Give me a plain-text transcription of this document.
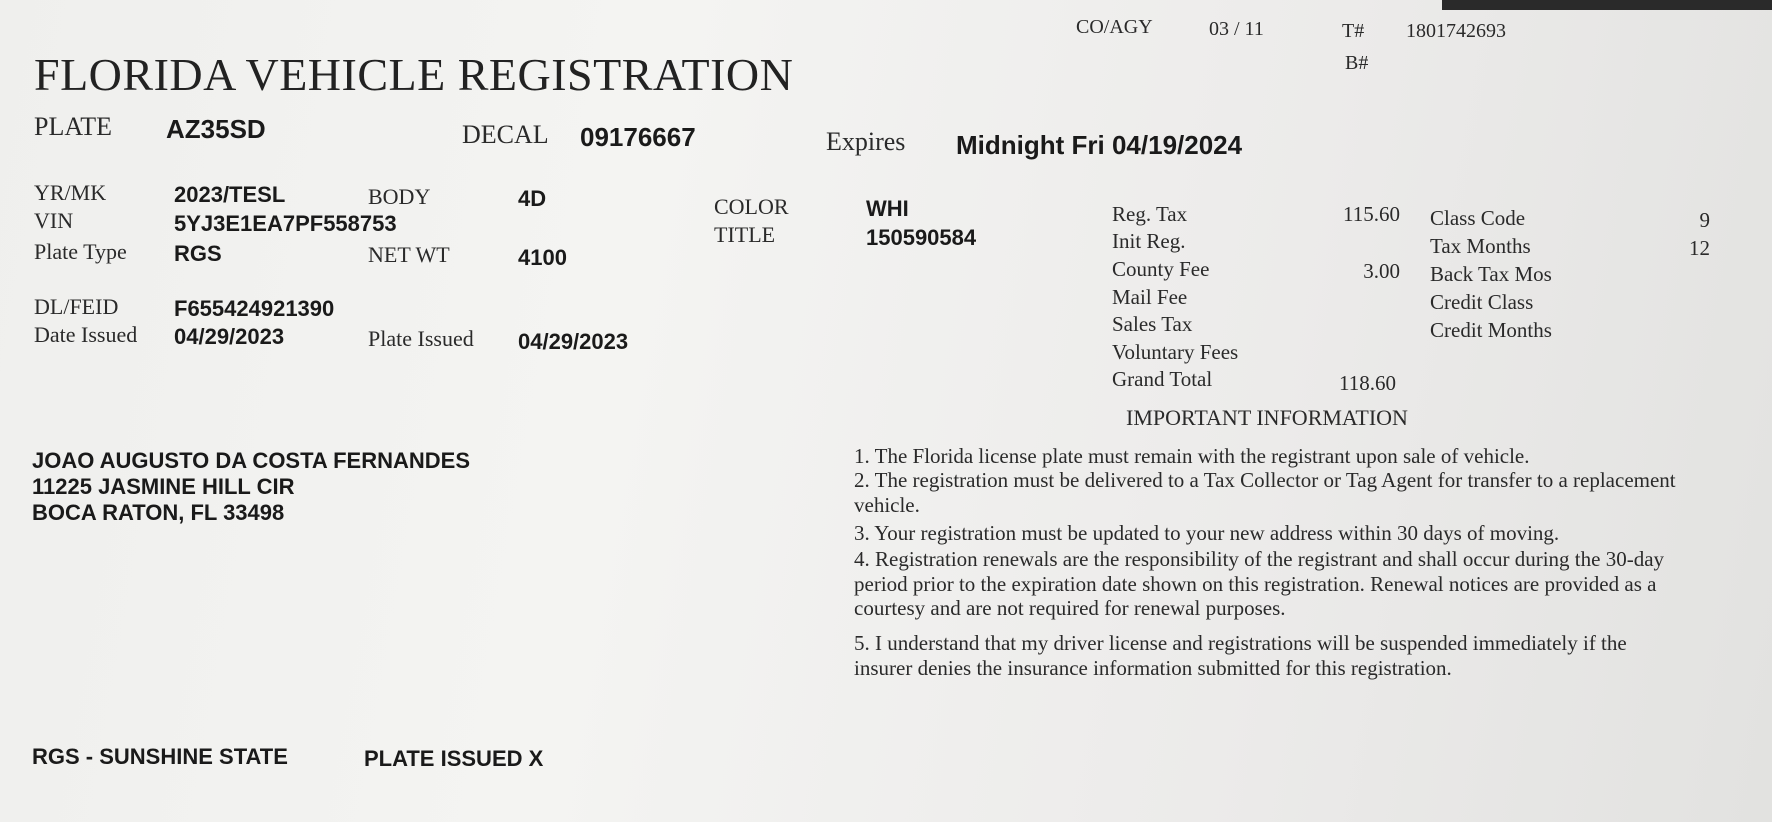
CO/AGY	03 / 11	T# 1801742693
B#
FLORIDA VEHICLE REGISTRATION
PLATE AZ35SD	DECAL 09176667	Expires Midnight Fri 04/19/2024
YR/MK	2023/TESL	BODY	4D
VIN	5YJ3E1EA7PF558753
Plate Type RGS	NET WT	4100
COLOR	WHI
TITLE	150590584
DL/FEID	F655424921390
Date Issued 04/29/2023	Plate Issued 04/29/2023
Reg. Tax	115.60
Init Reg.
County Fee	3.00
Mail Fee
Sales Tax
Voluntary Fees
Grand Total	118.60
Class Code	9
Tax Months	12
Back Tax Mos
Credit Class
Credit Months
JOAO AUGUSTO DA COSTA FERNANDES
11225 JASMINE HILL CIR
BOCA RATON, FL 33498
IMPORTANT INFORMATION
1. The Florida license plate must remain with the registrant upon sale of vehicle.
2. The registration must be delivered to a Tax Collector or Tag Agent for transfer to a replacement vehicle.
3. Your registration must be updated to your new address within 30 days of moving.
4. Registration renewals are the responsibility of the registrant and shall occur during the 30-day period prior to the expiration date shown on this registration. Renewal notices are provided as a courtesy and are not required for renewal purposes.
5. I understand that my driver license and registrations will be suspended immediately if the insurer denies the insurance information submitted for this registration.
RGS - SUNSHINE STATE	PLATE ISSUED X
